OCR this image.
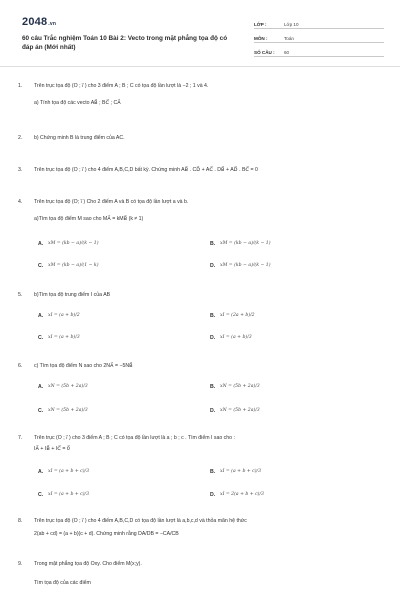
2048.vn
60 câu Trắc nghiệm Toán 10 Bài 2: Vecto trong mặt phẳng tọa độ có đáp án (Mới nhất)
LỚP :	Lớp 10
MÔN :	Toán
SỐ CÂU :	60
1.	Trên trục tọa độ (O ; i⃗ ) cho 3 điểm A ; B ; C có tọa độ lần lượt là −2 ; 1 và 4.
a) Tính tọa độ các vecto AB⃗ ; BC⃗ ; CA⃗
2.	b) Chứng minh B là trung điểm của AC.
3.	Trên trục tọa độ (O ; i⃗ ) cho 4 điểm A,B,C,D bất kỳ. Chứng minh AB⃗ . CD⃗ + AC⃗ . DB⃗ + AD⃗ . BC⃗ = 0
4.	Trên trục tọa độ (O; i⃗ ) Cho 2 điểm A và B có tọa độ lần lượt a và b.
a)Tìm tọa độ điểm M sao cho MA⃗ = kMB⃗ (k ≠ 1)
A.	xM = (kb − a)/(k − 1)	B.	xM = (kb − a)/(k − 1)
C.	xM = (kb − a)/(1 − k)	D.	xM = (kb − a)/(k − 1)
5.	b)Tìm tọa độ trung điểm I của AB
A.	xI = (a + b)/2	B.	xI = (2a + b)/2
C.	xI = (a + b)/3	D.	xI = (a + b)/3
6.	c) Tìm tọa độ điểm N sao cho 2NA⃗ = −5NB⃗
A.	xN = (5b + 2a)/3	B.	xN = (5b + 2a)/3
C.	xN = (5b + 2a)/3	D.	xN = (5b + 2a)/3
7.	Trên trục (O ; i⃗ ) cho 3 điểm A ; B ; C có tọa độ lần lượt là a ; b ; c . Tìm điểm I sao cho :
IA⃗ + IB⃗ + IC⃗ = 0⃗
A.	xI = (a + b + c)/3	B.	xI = (a + b + c)/3
C.	xI = (a + b + c)/3	D.	xI = 2(a + b + c)/3
8.	Trên trục tọa độ (O ; i⃗ ) cho 4 điểm A,B,C,D có tọa độ lần lượt là a,b,c,d và thỏa mãn hệ thức
2(ab + cd) = (a + b)(c + d). Chứng minh rằng DA/DB = −CA/CB
9.	Trong mặt phẳng tọa độ Oxy. Cho điểm M(x;y).
Tìm tọa độ của các điểm
